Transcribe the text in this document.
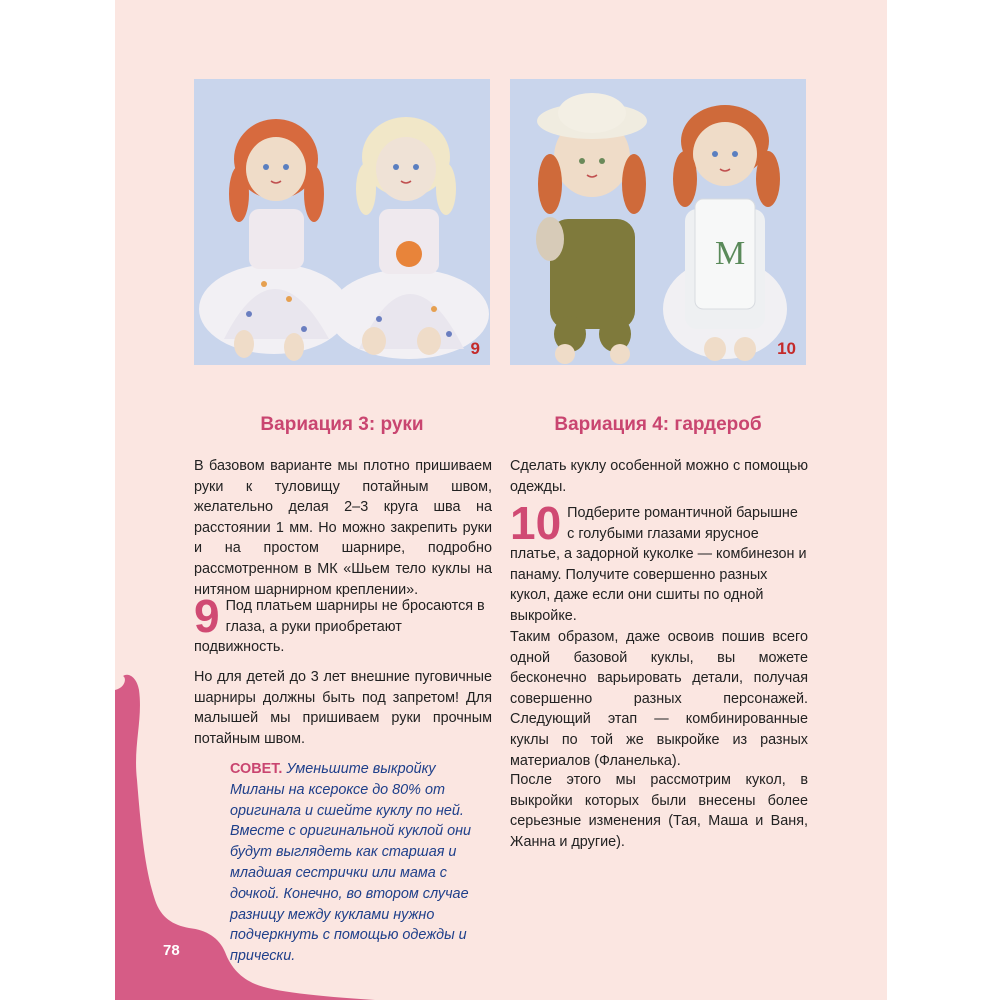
9
M
10
Вариация 3: руки

В базовом варианте мы плотно пришиваем руки к туловищу потайным швом, желательно делая 2–3 круга шва на расстоянии 1 мм. Но можно закрепить руки и на простом шарнире, подробно рассмотренном в МК «Шьем тело куклы на нитяном шарнирном креплении».

9 Под платьем шарниры не бросаются в глаза, а руки приобретают подвижность.

Но для детей до 3 лет внешние пуговичные шарниры должны быть под запретом! Для малышей мы пришиваем руки прочным потайным швом.

СОВЕТ. Уменьшите выкройку Миланы на ксероксе до 80% от оригинала и сшейте куклу по ней. Вместе с оригинальной куклой они будут выглядеть как старшая и младшая сестрички или мама с дочкой. Конечно, во втором случае разницу между куклами нужно подчеркнуть с помощью одежды и прически.

Вариация 4: гардероб

Сделать куклу особенной можно с помощью одежды.

10 Подберите романтичной барышне с голубыми глазами ярусное платье, а задорной куколке — комбинезон и панаму. Получите совершенно разных кукол, даже если они сшиты по одной выкройке.

Таким образом, даже освоив пошив всего одной базовой куклы, вы можете бесконечно варьировать детали, получая совершенно разных персонажей. Следующий этап — комбинированные куклы по той же выкройке из разных материалов (Фланелька).

После этого мы рассмотрим кукол, в выкройки которых были внесены более серьезные изменения (Тая, Маша и Ваня, Жанна и другие).

78
